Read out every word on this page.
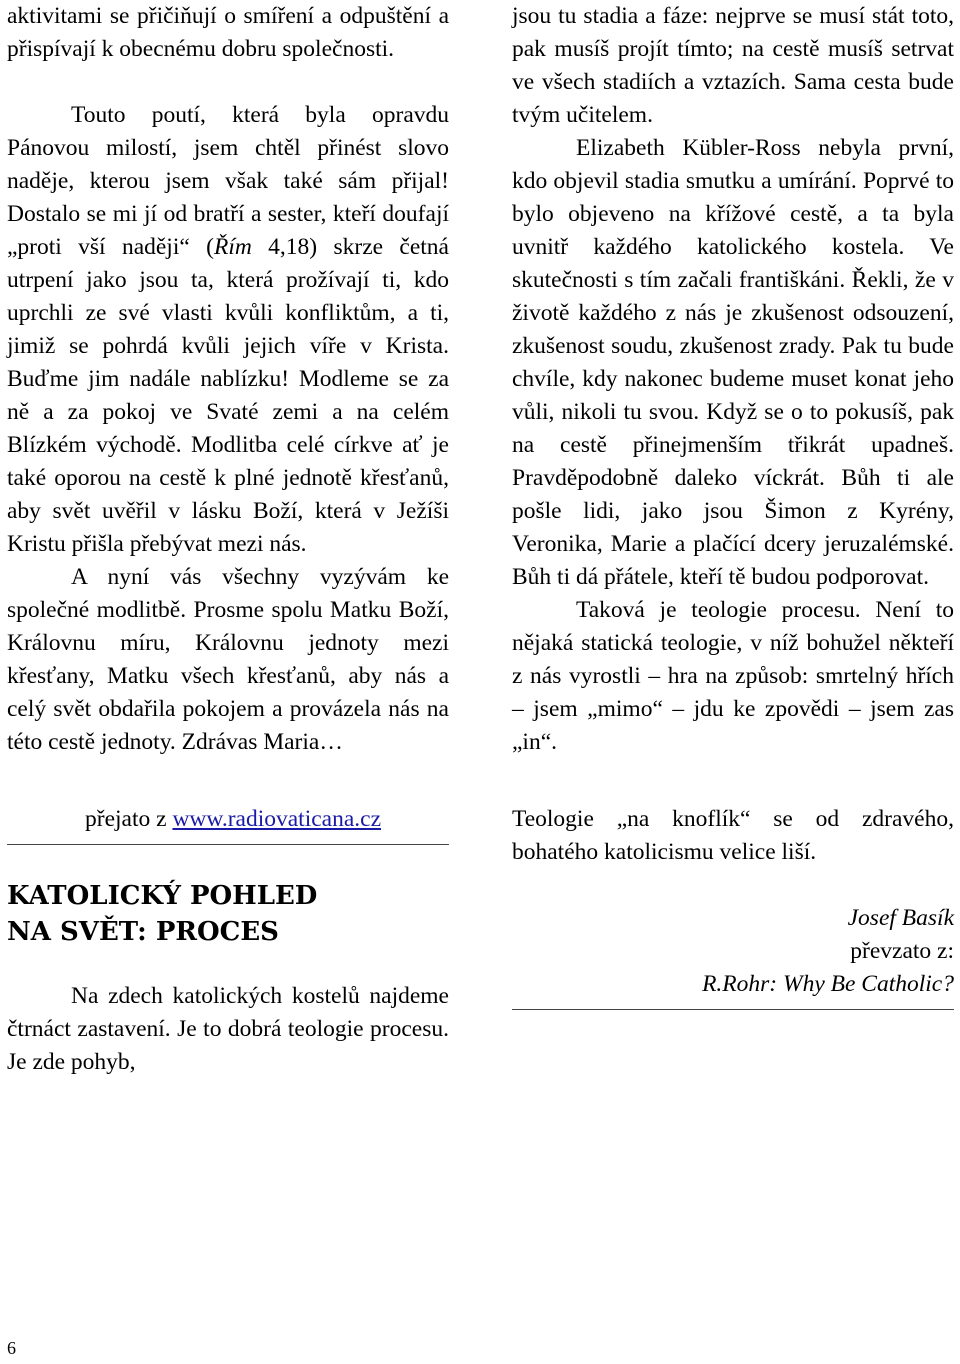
aktivitami se přičiňují o smíření a odpuštění a přispívají k obecnému dobru společnosti.

Touto poutí, která byla opravdu Pánovou milostí, jsem chtěl přinést slovo naděje, kterou jsem však také sám přijal! Dostalo se mi jí od bratří a sester, kteří doufají „proti vší naději“ (Řím 4,18) skrze četná utrpení jako jsou ta, která prožívají ti, kdo uprchli ze své vlasti kvůli konfliktům, a ti, jimiž se pohrdá kvůli jejich víře v Krista. Buďme jim nadále nablízku! Modleme se za ně a za pokoj ve Svaté zemi a na celém Blízkém východě. Modlitba celé církve ať je také oporou na cestě k plné jednotě křesťanů, aby svět uvěřil v lásku Boží, která v Ježíši Kristu přišla přebývat mezi nás.

A nyní vás všechny vyzývám ke společné modlitbě. Prosme spolu Matku Boží, Královnu míru, Královnu jednoty mezi křesťany, Matku všech křesťanů, aby nás a celý svět obdařila pokojem a provázela nás na této cestě jednoty. Zdrávas Maria…

přejato z www.radiovaticana.cz

KATOLICKÝ POHLED

NA SVĚT: PROCES

Na zdech katolických kostelů najdeme čtrnáct zastavení. Je to dobrá teologie procesu. Je zde pohyb,

jsou tu stadia a fáze: nejprve se musí stát toto, pak musíš projít tímto; na cestě musíš setrvat ve všech stadiích a vztazích. Sama cesta bude tvým učitelem.

Elizabeth Kübler-Ross nebyla první, kdo objevil stadia smutku a umírání. Poprvé to bylo objeveno na křížové cestě, a ta byla uvnitř každého katolického kostela. Ve skutečnosti s tím začali františkáni. Řekli, že v životě každého z nás je zkušenost odsouzení, zkušenost soudu, zkušenost zrady. Pak tu bude chvíle, kdy nakonec budeme muset konat jeho vůli, nikoli tu svou. Když se o to pokusíš, pak na cestě přinejmenším třikrát upadneš. Pravděpodobně daleko víckrát. Bůh ti ale pošle lidi, jako jsou Šimon z Kyrény, Veronika, Marie a plačící dcery jeruzalémské. Bůh ti dá přátele, kteří tě budou podporovat.

Taková je teologie procesu. Není to nějaká statická teologie, v níž bohužel někteří z nás vyrostli – hra na způsob: smrtelný hřích – jsem „mimo“ – jdu ke zpovědi – jsem zas „in“.

Teologie „na knoflík“ se od zdravého, bohatého katolicismu velice liší.

Josef Basík

převzato z:

R.Rohr: Why Be Catholic?

6
